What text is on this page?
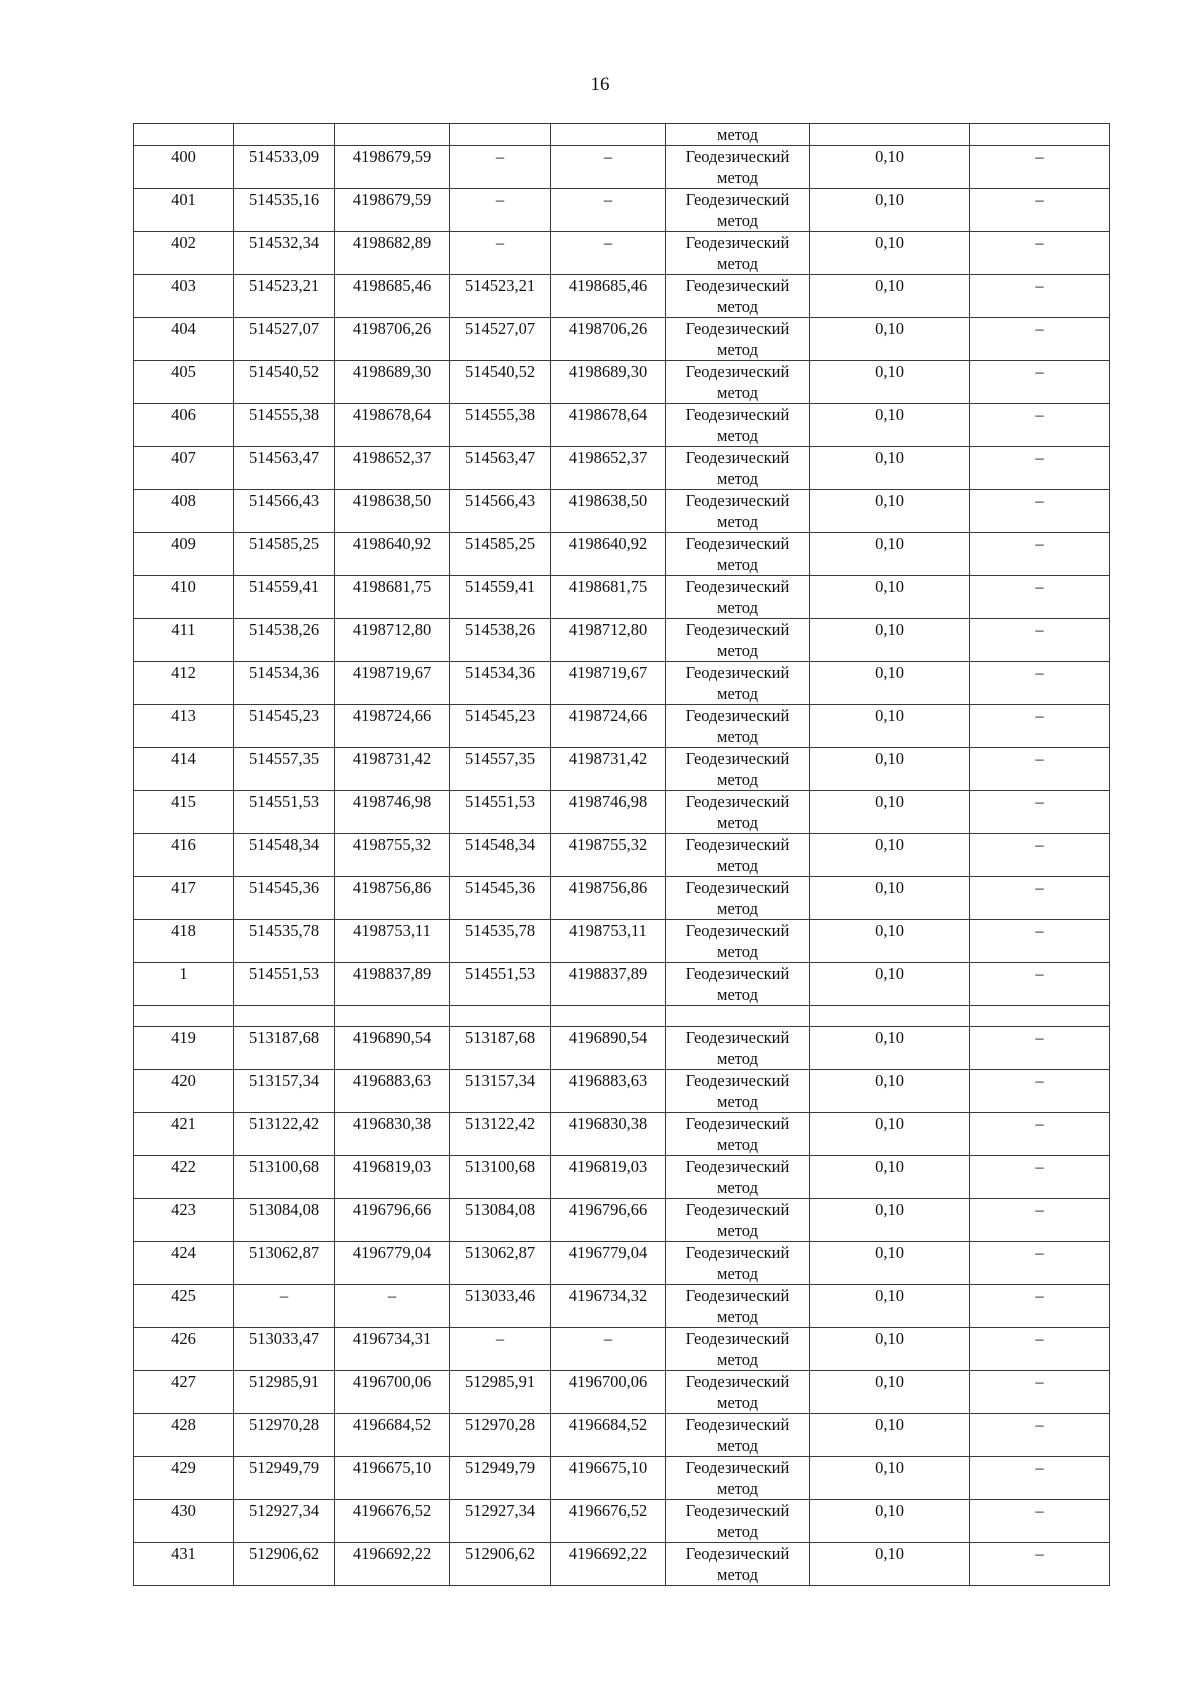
16
					метод		
400	514533,09	4198679,59	–	–	Геодезический
метод	0,10	–
401	514535,16	4198679,59	–	–	Геодезический
метод	0,10	–
402	514532,34	4198682,89	–	–	Геодезический
метод	0,10	–
403	514523,21	4198685,46	514523,21	4198685,46	Геодезический
метод	0,10	–
404	514527,07	4198706,26	514527,07	4198706,26	Геодезический
метод	0,10	–
405	514540,52	4198689,30	514540,52	4198689,30	Геодезический
метод	0,10	–
406	514555,38	4198678,64	514555,38	4198678,64	Геодезический
метод	0,10	–
407	514563,47	4198652,37	514563,47	4198652,37	Геодезический
метод	0,10	–
408	514566,43	4198638,50	514566,43	4198638,50	Геодезический
метод	0,10	–
409	514585,25	4198640,92	514585,25	4198640,92	Геодезический
метод	0,10	–
410	514559,41	4198681,75	514559,41	4198681,75	Геодезический
метод	0,10	–
411	514538,26	4198712,80	514538,26	4198712,80	Геодезический
метод	0,10	–
412	514534,36	4198719,67	514534,36	4198719,67	Геодезический
метод	0,10	–
413	514545,23	4198724,66	514545,23	4198724,66	Геодезический
метод	0,10	–
414	514557,35	4198731,42	514557,35	4198731,42	Геодезический
метод	0,10	–
415	514551,53	4198746,98	514551,53	4198746,98	Геодезический
метод	0,10	–
416	514548,34	4198755,32	514548,34	4198755,32	Геодезический
метод	0,10	–
417	514545,36	4198756,86	514545,36	4198756,86	Геодезический
метод	0,10	–
418	514535,78	4198753,11	514535,78	4198753,11	Геодезический
метод	0,10	–
1	514551,53	4198837,89	514551,53	4198837,89	Геодезический
метод	0,10	–

419	513187,68	4196890,54	513187,68	4196890,54	Геодезический
метод	0,10	–
420	513157,34	4196883,63	513157,34	4196883,63	Геодезический
метод	0,10	–
421	513122,42	4196830,38	513122,42	4196830,38	Геодезический
метод	0,10	–
422	513100,68	4196819,03	513100,68	4196819,03	Геодезический
метод	0,10	–
423	513084,08	4196796,66	513084,08	4196796,66	Геодезический
метод	0,10	–
424	513062,87	4196779,04	513062,87	4196779,04	Геодезический
метод	0,10	–
425	–	–	513033,46	4196734,32	Геодезический
метод	0,10	–
426	513033,47	4196734,31	–	–	Геодезический
метод	0,10	–
427	512985,91	4196700,06	512985,91	4196700,06	Геодезический
метод	0,10	–
428	512970,28	4196684,52	512970,28	4196684,52	Геодезический
метод	0,10	–
429	512949,79	4196675,10	512949,79	4196675,10	Геодезический
метод	0,10	–
430	512927,34	4196676,52	512927,34	4196676,52	Геодезический
метод	0,10	–
431	512906,62	4196692,22	512906,62	4196692,22	Геодезический
метод	0,10	–
